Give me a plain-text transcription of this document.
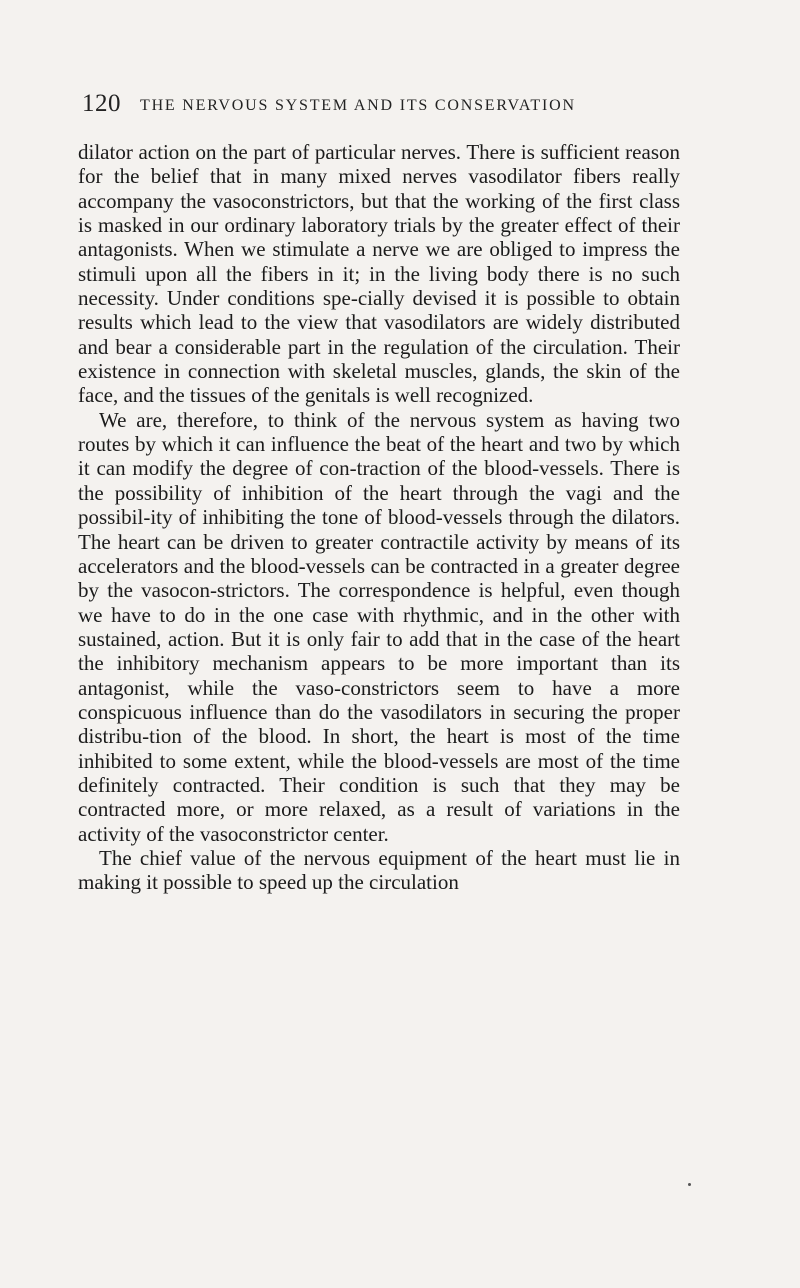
120 THE NERVOUS SYSTEM AND ITS CONSERVATION

dilator action on the part of particular nerves. There is sufficient reason for the belief that in many mixed nerves vasodilator fibers really accompany the vasoconstrictors, but that the working of the first class is masked in our ordinary laboratory trials by the greater effect of their antagonists. When we stimulate a nerve we are obliged to impress the stimuli upon all the fibers in it; in the living body there is no such necessity. Under conditions spe-cially devised it is possible to obtain results which lead to the view that vasodilators are widely distributed and bear a considerable part in the regulation of the circulation. Their existence in connection with skeletal muscles, glands, the skin of the face, and the tissues of the genitals is well recognized.

We are, therefore, to think of the nervous system as having two routes by which it can influence the beat of the heart and two by which it can modify the degree of con-traction of the blood-vessels. There is the possibility of inhibition of the heart through the vagi and the possibil-ity of inhibiting the tone of blood-vessels through the dilators. The heart can be driven to greater contractile activity by means of its accelerators and the blood-vessels can be contracted in a greater degree by the vasocon-strictors. The correspondence is helpful, even though we have to do in the one case with rhythmic, and in the other with sustained, action. But it is only fair to add that in the case of the heart the inhibitory mechanism appears to be more important than its antagonist, while the vaso-constrictors seem to have a more conspicuous influence than do the vasodilators in securing the proper distribu-tion of the blood. In short, the heart is most of the time inhibited to some extent, while the blood-vessels are most of the time definitely contracted. Their condition is such that they may be contracted more, or more relaxed, as a result of variations in the activity of the vasoconstrictor center.

The chief value of the nervous equipment of the heart must lie in making it possible to speed up the circulation
